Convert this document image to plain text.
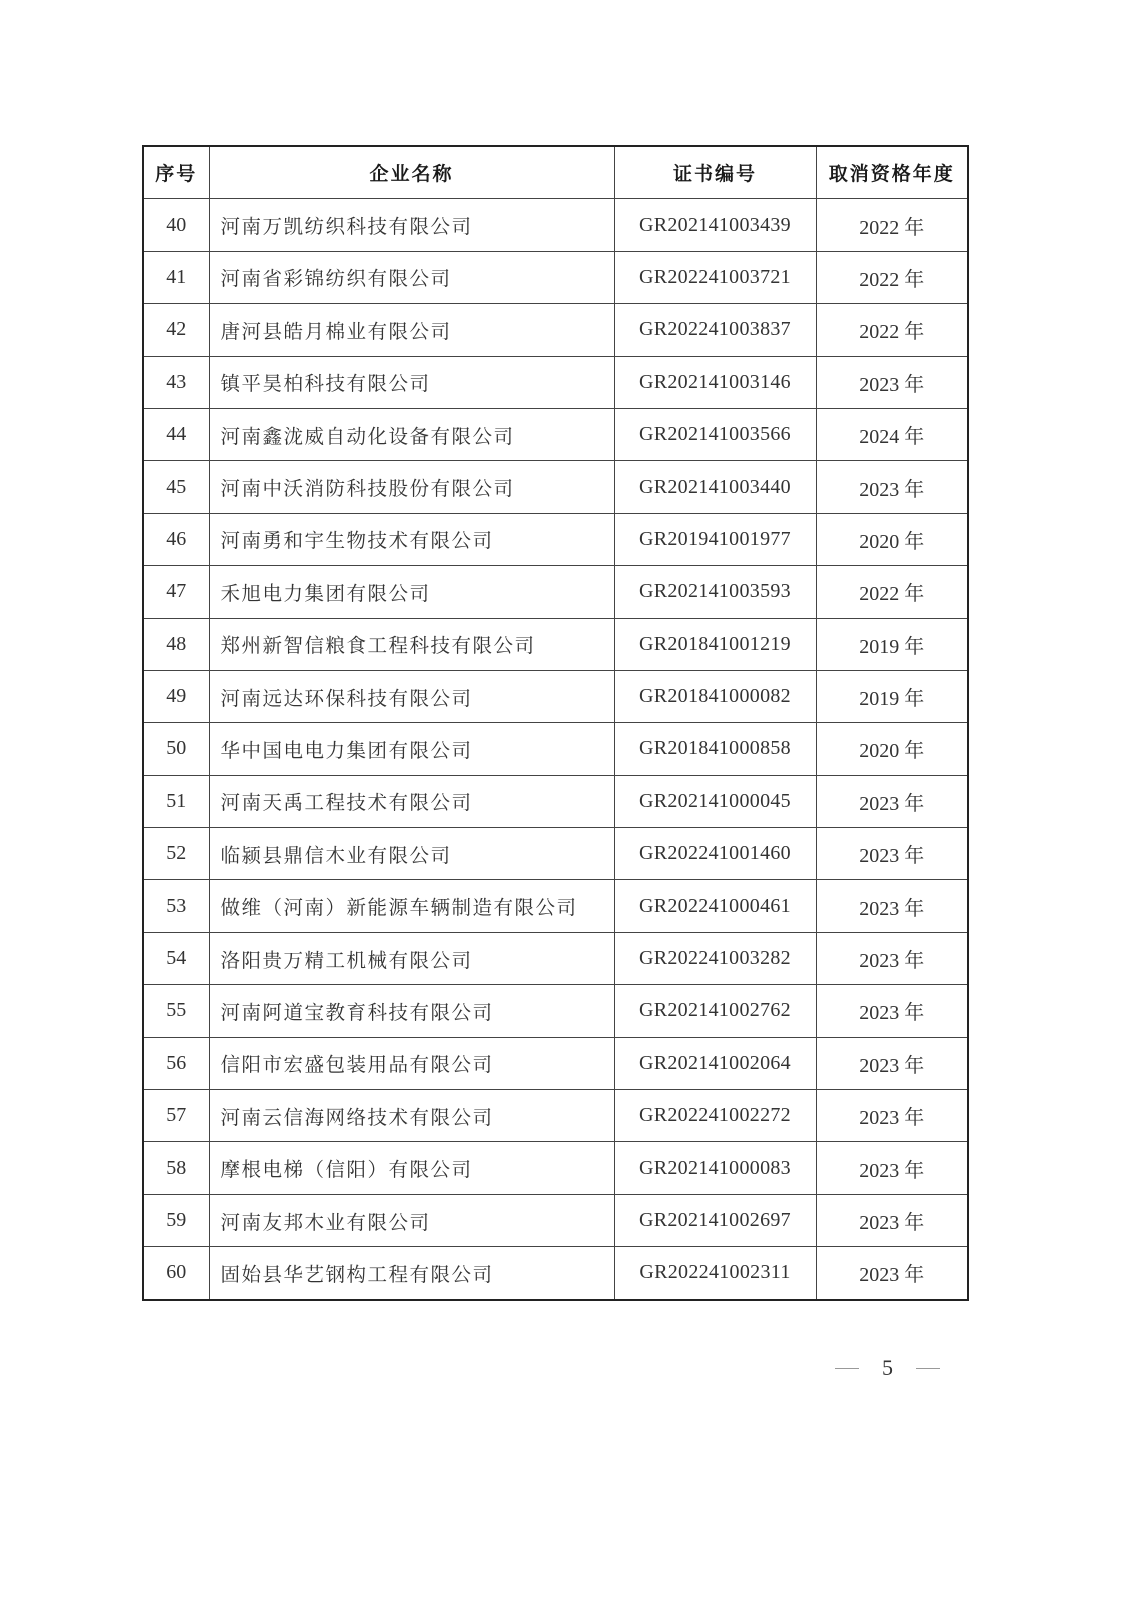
序号	企业名称	证书编号	取消资格年度
40	河南万凯纺织科技有限公司	GR202141003439	2022 年
41	河南省彩锦纺织有限公司	GR202241003721	2022 年
42	唐河县皓月棉业有限公司	GR202241003837	2022 年
43	镇平昊柏科技有限公司	GR202141003146	2023 年
44	河南鑫泷威自动化设备有限公司	GR202141003566	2024 年
45	河南中沃消防科技股份有限公司	GR202141003440	2023 年
46	河南勇和宇生物技术有限公司	GR201941001977	2020 年
47	禾旭电力集团有限公司	GR202141003593	2022 年
48	郑州新智信粮食工程科技有限公司	GR201841001219	2019 年
49	河南远达环保科技有限公司	GR201841000082	2019 年
50	华中国电电力集团有限公司	GR201841000858	2020 年
51	河南天禹工程技术有限公司	GR202141000045	2023 年
52	临颍县鼎信木业有限公司	GR202241001460	2023 年
53	做维（河南）新能源车辆制造有限公司	GR202241000461	2023 年
54	洛阳贵万精工机械有限公司	GR202241003282	2023 年
55	河南阿道宝教育科技有限公司	GR202141002762	2023 年
56	信阳市宏盛包装用品有限公司	GR202141002064	2023 年
57	河南云信海网络技术有限公司	GR202241002272	2023 年
58	摩根电梯（信阳）有限公司	GR202141000083	2023 年
59	河南友邦木业有限公司	GR202141002697	2023 年
60	固始县华艺钢构工程有限公司	GR202241002311	2023 年
5
